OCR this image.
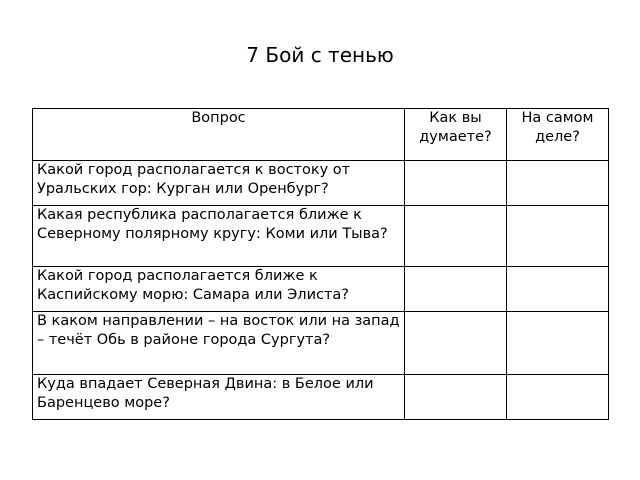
7 Бой с тенью
Вопрос	Как вы думаете?	На самом деле?
Какой город располагается к востоку от Уральских гор: Курган или Оренбург?		
Какая республика располагается ближе к Северному полярному кругу: Коми или Тыва?		
Какой город располагается ближе к Каспийскому морю: Самара или Элиста?		
В каком направлении – на восток или на запад – течёт Обь в районе города Сургута?		
Куда впадает Северная Двина: в Белое или Баренцево море?		
